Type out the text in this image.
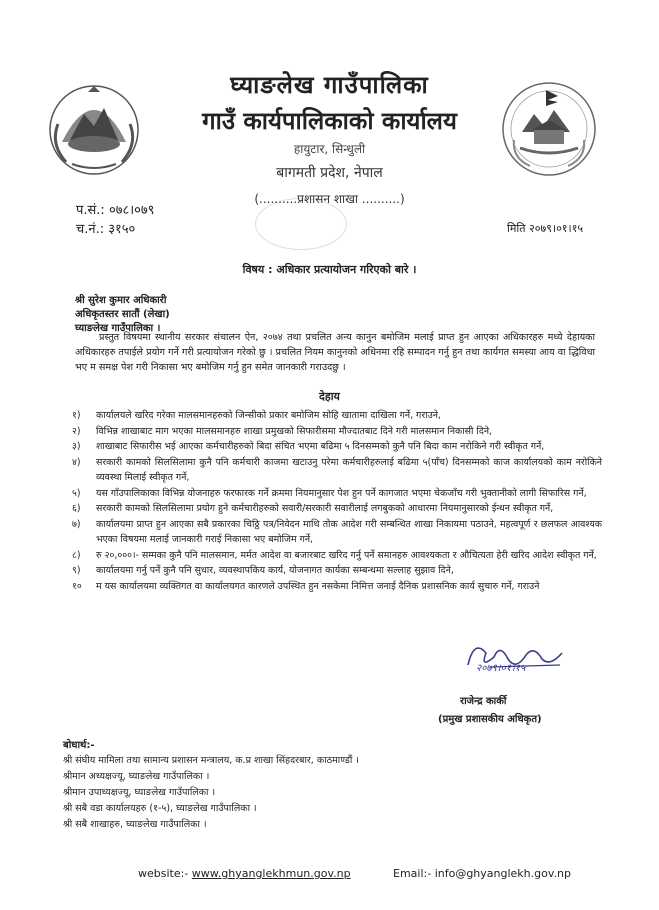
घ्याङलेख गाउँपालिका
गाउँ कार्यपालिकाको कार्यालय
हायुटार, सिन्धुली
बागमती प्रदेश, नेपाल
(..........प्रशासन शाखा ..........)
प.सं.: ०७८।०७९
च.नं.: ३१५०	मिति २०७९।०१।१५
विषय : अधिकार प्रत्यायोजन गरिएको बारे ।
श्री सुरेश कुमार अधिकारी
अधिकृतस्तर सातौं (लेखा)
घ्याङलेख गाउँपालिका ।
प्रस्तुत विषयमा स्थानीय सरकार संचालन ऐन, २०७४ तथा प्रचलित अन्य कानुन बमोजिम मलाई प्राप्त हुन आएका अधिकारहरु मध्ये देहायका अधिकारहरु तपाईले प्रयोग गर्ने गरी प्रत्यायोजन गरेको छु । प्रचलित नियम कानुनको अधिनमा रहि सम्पादन गर्नु हुन तथा कार्यगत समस्या आय वा द्धिविधा भए म समक्ष पेश गरी निकासा भए बमोजिम गर्नु हुन समेत जानकारी गराउदछु ।
देहाय
१)	कार्यालयले खरिद गरेका मालसमानहरुको जिन्सीको प्रकार बमोजिम सोहि खातामा दाखिला गर्ने, गराउने,
२)	विभिन्न शाखाबाट माग भएका मालसमानहरु शाखा प्रमुखको सिफारीसमा मौज्दातबाट दिने गरी मालसमान निकासी दिने,
३)	शाखाबाट सिफारीस भई आएका कर्मचारीहरुको बिदा संचित भएमा बढिमा ५ दिनसम्मको कुनै पनि बिदा काम नरोकिने गरी स्वीकृत गर्ने,
४)	सरकारी कामको सिलसिलामा कुनै पनि कर्मचारी काजमा खटाउनु परेमा कर्मचारीहरुलाई बढिमा ५(पाँच) दिनसम्मको काज कार्यालयको काम नरोकिने व्यवस्था मिलाई स्वीकृत गर्ने,
५)	यस गाँउपालिकाका विभिन्न योजनाहरु फरफारक गर्ने क्रममा नियमानुसार पेश हुन पर्ने कागजात भएमा चेकजाँच गरी भुक्तानीको लागी सिफारिस गर्ने,
६)	सरकारी कामको सिलसिलामा प्रयोग हुने कर्मचारीहरुको सवारी/सरकारी सवारीलाई लगबुकको आधारमा नियमानुसारको ईन्धन स्वीकृत गर्ने,
७)	कार्यालयमा प्राप्त हुन आएका सबै प्रकारका चिठ्ठि पत्र/निवेदन माथि तोक आदेश गरी सम्बन्धित शाखा निकायमा पठाउने, महत्वपूर्ण र छलफल आवश्यक भएका विषयमा मलाई जानकारी गराई निकासा भए बमोजिम गर्ने,
८)	रु २०,०००।- सम्मका कुनै पनि मालसमान, मर्मत आदेश वा बजारबाट खरिद गर्नु पर्ने समानहरु आवश्यकता र औचित्यता हेरी खरिद आदेश स्वीकृत गर्ने,
९)	कार्यालयमा गर्नु पर्ने कुनै पनि सुधार, व्यवस्थापकिय कार्य, योजनागत कार्यका सम्बन्धमा सल्लाह सुझाव दिने,
१०	म यस कार्यालयमा व्यक्तिगत वा कार्यालयगत कारणले उपस्थित हुन नसकेमा निमित्त जनाई दैनिक प्रशासनिक कार्य सुचारु गर्ने, गराउने
२०७९।०१।१५
राजेन्द्र कार्की
(प्रमुख प्रशासकीय अधिकृत)
बोधार्थ:-
श्री संघीय मामिला तथा सामान्य प्रशासन मन्त्रालय, क.प्र शाखा सिंहदरबार, काठमाण्डौं ।
श्रीमान अध्यक्षज्यू, घ्याङलेख गाउँपालिका ।
श्रीमान उपाध्यक्षज्यू, घ्याङलेख गाउँपालिका ।
श्री सबै वडा कार्यालयहरु (१-५), घ्याङलेख गाउँपालिका ।
श्री सबै शाखाहरु, घ्याङलेख गाउँपालिका ।
website:- www.ghyanglekhmun.gov.np	Email:- info@ghyanglekh.gov.np
